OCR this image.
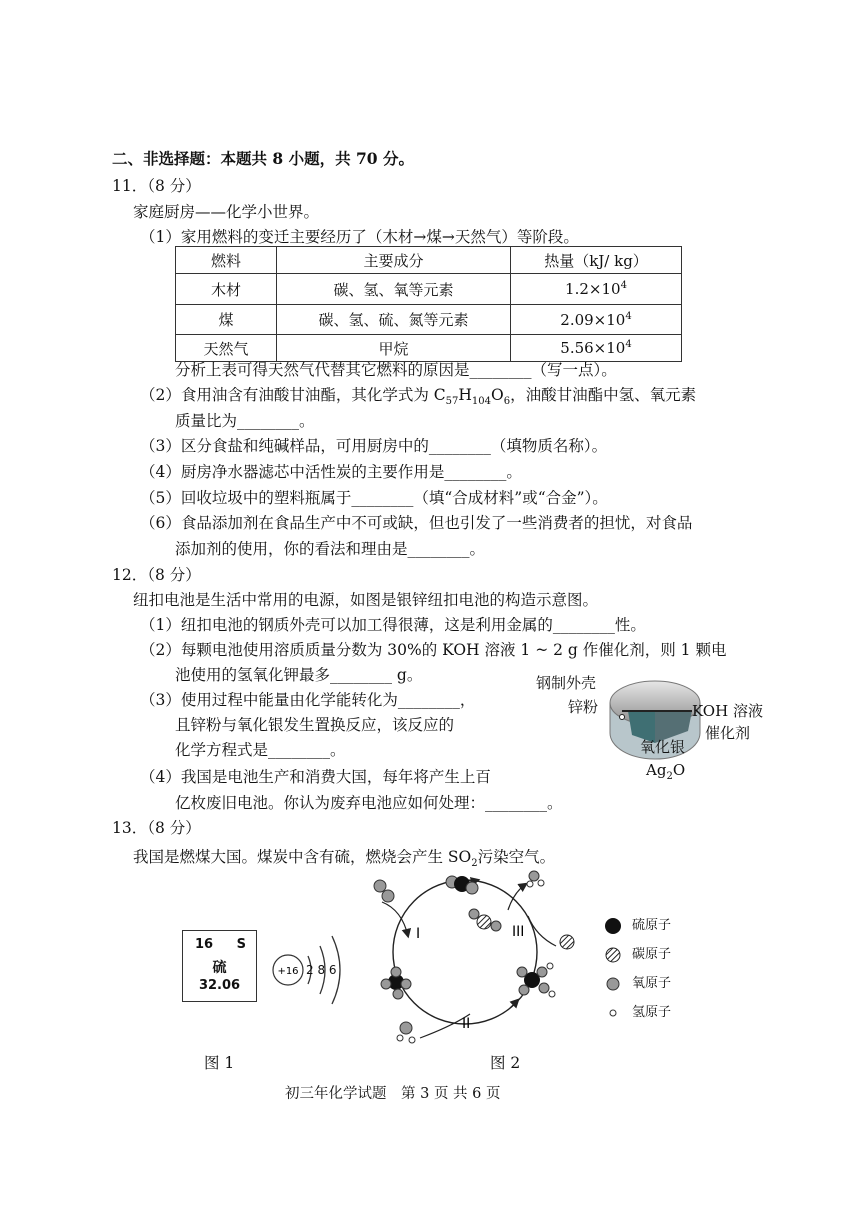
二、非选择题：本题共 8 小题，共 70 分。
11．（8 分）
家庭厨房——化学小世界。
（1）家用燃料的变迁主要经历了（木材→煤→天然气）等阶段。
燃料	主要成分	热量（kJ/ kg）
木材	碳、氢、氧等元素	$1.2\times 10^4$
煤	碳、氢、硫、氮等元素	$2.09\times 10^4$
天然气	甲烷	$5.56\times 10^4$
分析上表可得天然气代替其它燃料的原因是________（写一点）。
（2）食用油含有油酸甘油酯，其化学式为 $C_{57}H_{104}O_6$，油酸甘油酯中氢、氧元素
质量比为________。
（3）区分食盐和纯碱样品，可用厨房中的________（填物质名称）。
（4）厨房净水器滤芯中活性炭的主要作用是________。
（5）回收垃圾中的塑料瓶属于________（填“合成材料”或“合金”）。
（6）食品添加剂在食品生产中不可或缺，但也引发了一些消费者的担忧，对食品
添加剂的使用，你的看法和理由是________。
12．（8 分）
纽扣电池是生活中常用的电源，如图是银锌纽扣电池的构造示意图。
（1）纽扣电池的钢质外壳可以加工得很薄，这是利用金属的________性。
（2）每颗电池使用溶质质量分数为 30%的 KOH 溶液 1 ~ 2 g 作催化剂，则 1 颗电
池使用的氢氧化钾最多________ g。
（3）使用过程中能量由化学能转化为________，
且锌粉与氧化银发生置换反应，该反应的
化学方程式是________。
（4）我国是电池生产和消费大国，每年将产生上百
亿枚废旧电池。你认为废弃电池应如何处理：________。
钢制外壳
锌粉	KOH 溶液
催化剂
氧化银
$Ag_2O$
13．（8 分）
我国是燃煤大国。煤炭中含有硫，燃烧会产生 $SO_2$污染空气。
16 S
硫
32.06
+16 2 8 6
I
II
III	硫原子
碳原子
氧原子
氢原子
图 1	图 2
初三年化学试题　第 3 页 共 6 页
